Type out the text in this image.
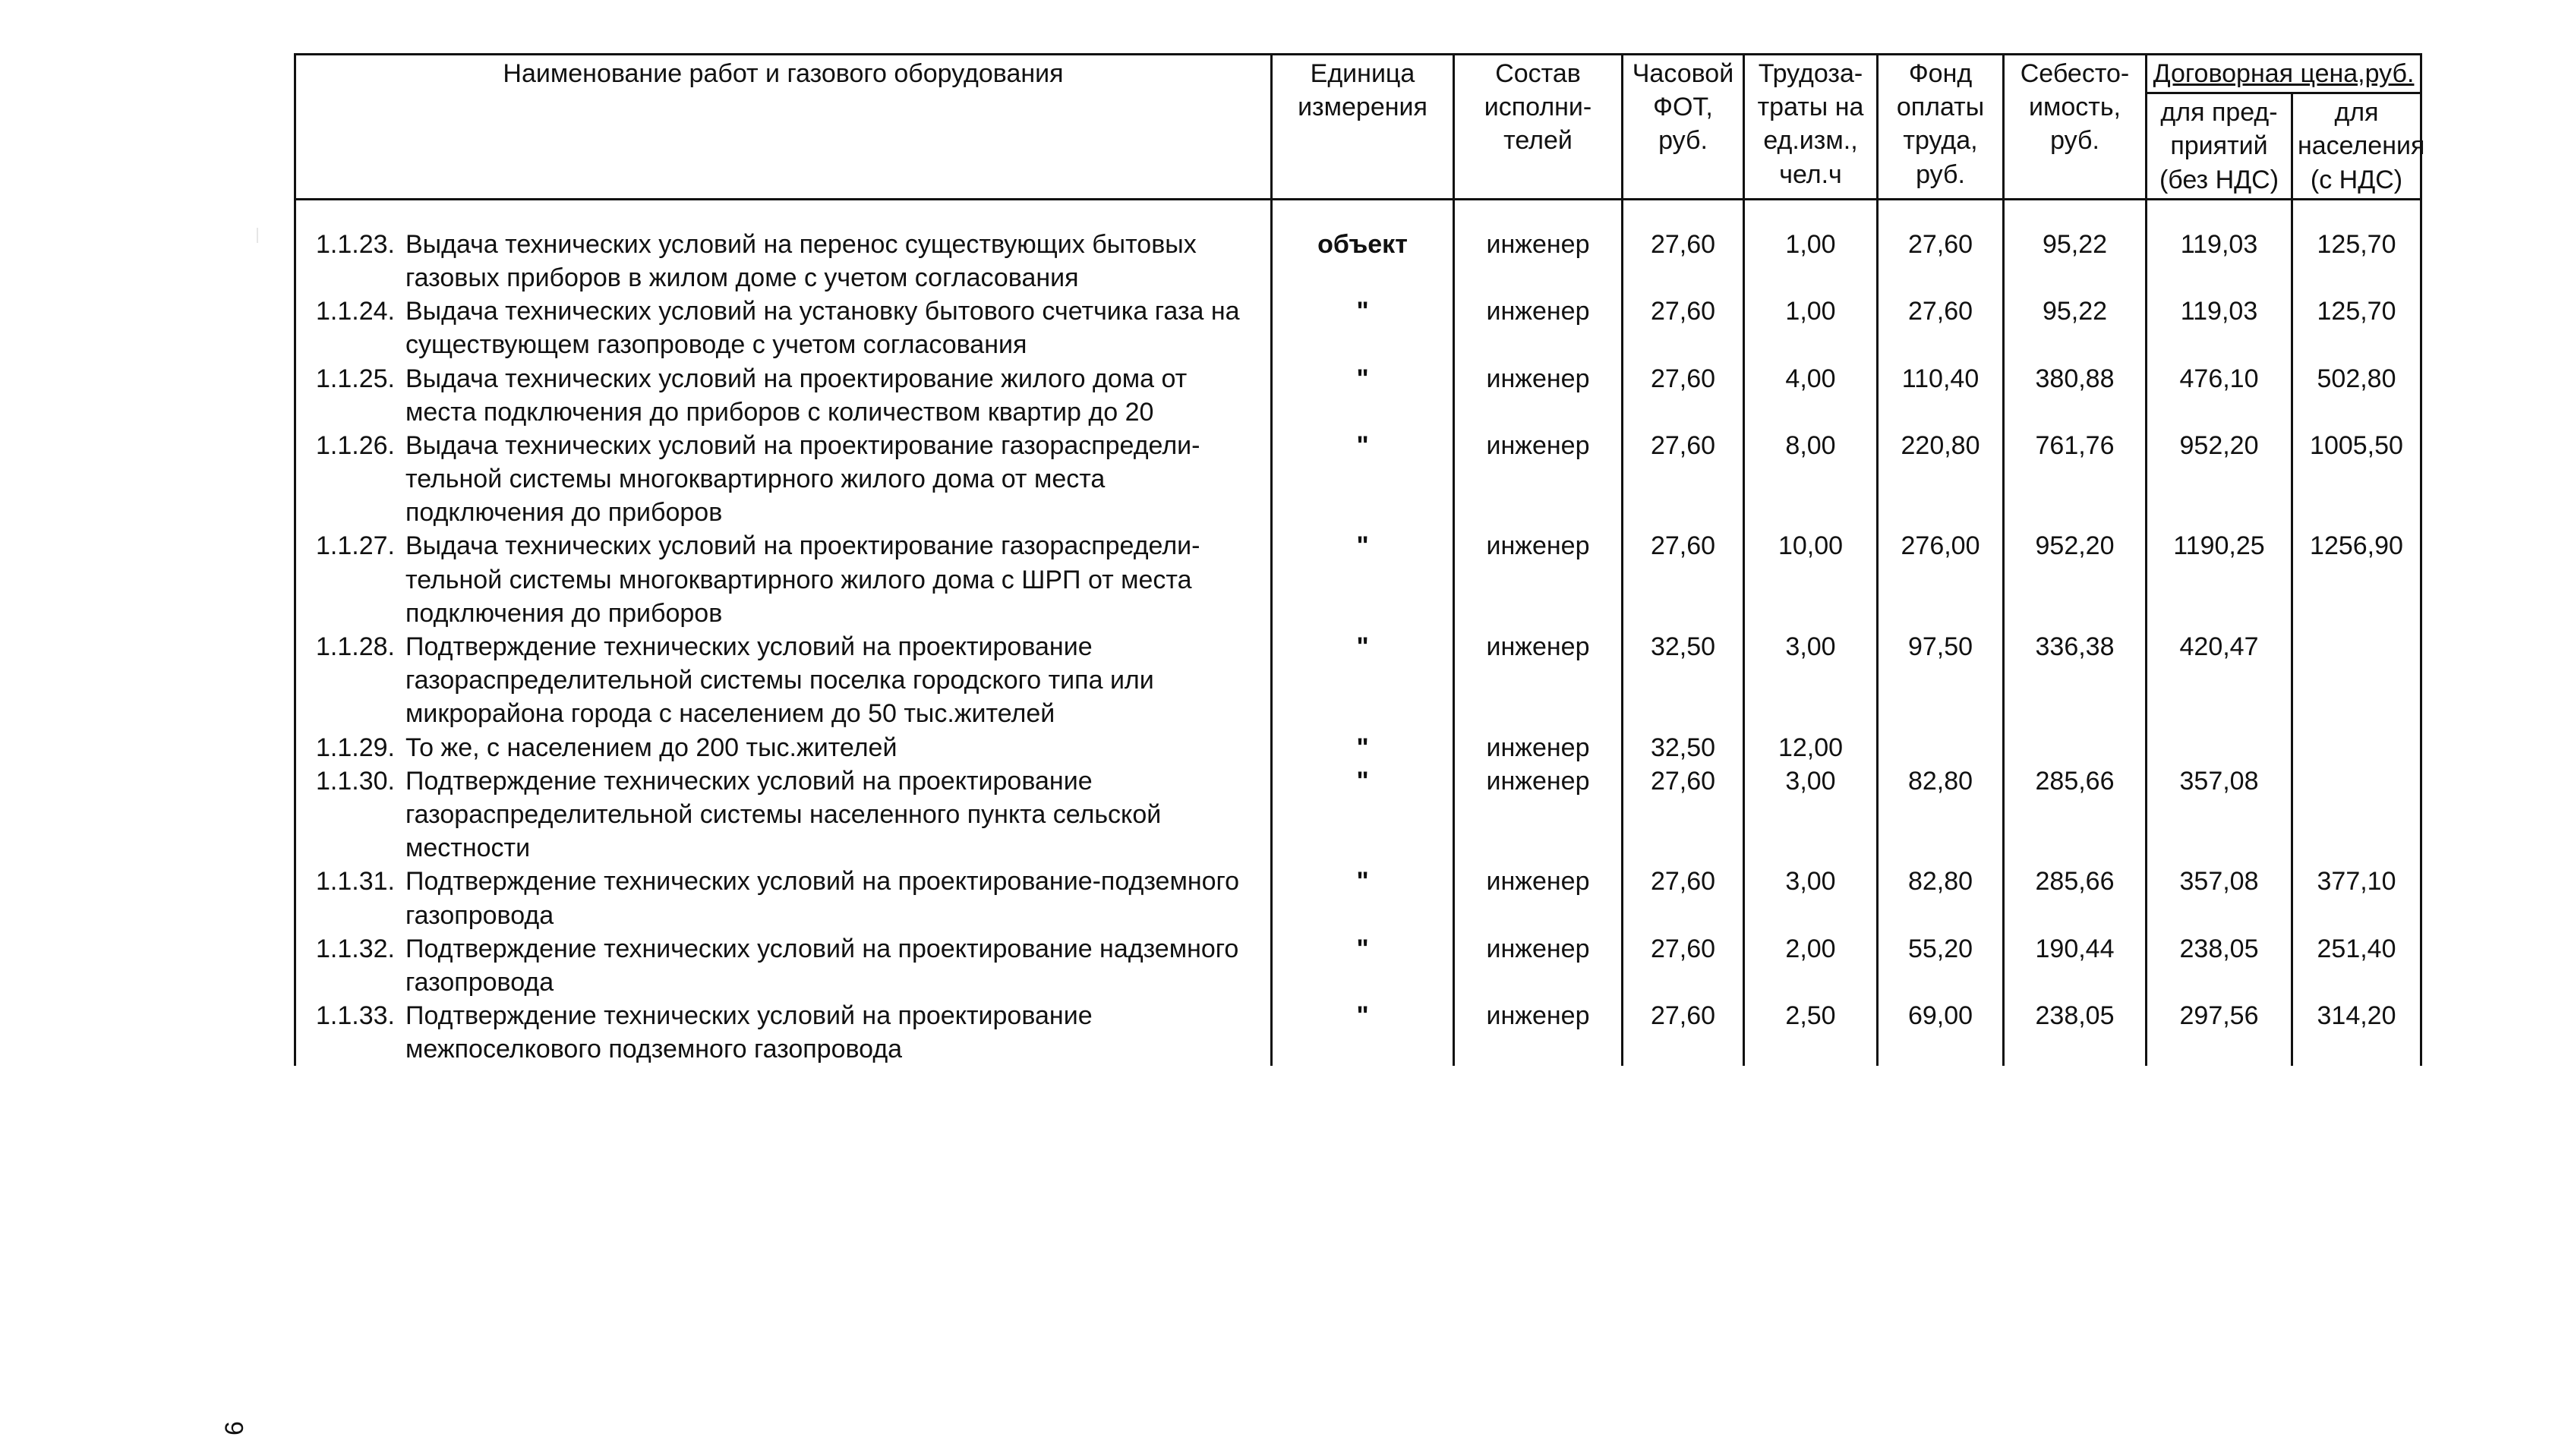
Наименование работ и газового оборудования	Единица измерения	Состав исполни-телей	Часовой ФОТ, руб.	Трудоза-траты на ед.изм., чел.ч	Фонд оплаты труда, руб.	Себесто-имость, руб.	Договорная цена,руб.	
							для пред-приятий (без НДС)	для населения (с НДС)

1.1.23. Выдача технических условий на перенос существующих бытовых газовых приборов в жилом доме с учетом согласования	объект	инженер	27,60	1,00	27,60	95,22	119,03	125,70

1.1.24. Выдача технических условий на установку бытового счетчика газа на существующем газопроводе с учетом согласования	"	инженер	27,60	1,00	27,60	95,22	119,03	125,70

1.1.25. Выдача технических условий на проектирование жилого дома от места подключения до приборов с количеством квартир до 20	"	инженер	27,60	4,00	110,40	380,88	476,10	502,80

1.1.26. Выдача технических условий на проектирование газораспредели-тельной системы многоквартирного жилого дома от места подключения до приборов	"	инженер	27,60	8,00	220,80	761,76	952,20	1005,50

1.1.27. Выдача технических условий на проектирование газораспредели-тельной системы многоквартирного жилого дома с ШРП от места подключения до приборов	"	инженер	27,60	10,00	276,00	952,20	1190,25	1256,90

1.1.28. Подтверждение технических условий на проектирование газораспределительной системы поселка городского типа или микрорайона города с населением до 50 тыс.жителей	"	инженер	32,50	3,00	97,50	336,38	420,47	

1.1.29. То же, с населением до 200 тыс.жителей	"	инженер	32,50	12,00				

1.1.30. Подтверждение технических условий на проектирование газораспределительной системы населенного пункта сельской местности	"	инженер	27,60	3,00	82,80	285,66	357,08	

1.1.31. Подтверждение технических условий на проектирование-подземного газопровода	"	инженер	27,60	3,00	82,80	285,66	357,08	377,10

1.1.32. Подтверждение технических условий на проектирование надземного газопровода	"	инженер	27,60	2,00	55,20	190,44	238,05	251,40

1.1.33. Подтверждение технических условий на проектирование межпоселкового подземного газопровода	"	инженер	27,60	2,50	69,00	238,05	297,56	314,20
6
